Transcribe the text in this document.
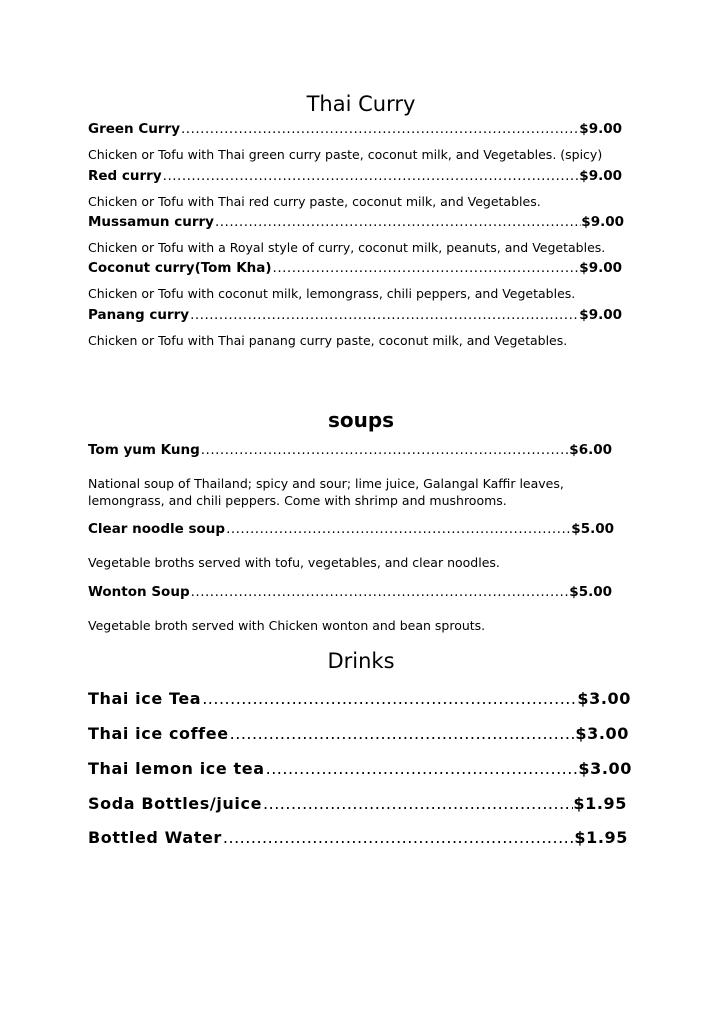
Thai Curry
Green Curry .....	$9.00

Chicken or Tofu with Thai green curry paste, coconut milk, and Vegetables. (spicy)

Red curry .....	$9.00

Chicken or Tofu with Thai red curry paste, coconut milk, and Vegetables.

Mussamun curry .....	$9.00

Chicken or Tofu with a Royal style of curry, coconut milk, peanuts, and Vegetables.

Coconut curry(Tom Kha) .....	$9.00

Chicken or Tofu with coconut milk, lemongrass, chili peppers, and Vegetables.

Panang curry .....	$9.00

Chicken or Tofu with Thai panang curry paste, coconut milk, and Vegetables.

soups
Tom yum Kung .....	$6.00

National soup of Thailand; spicy and sour; lime juice, Galangal Kaffir leaves, lemongrass, and chili peppers. Come with shrimp and mushrooms.

Clear noodle soup .....	$5.00

Vegetable broths served with tofu, vegetables, and clear noodles.

Wonton Soup .....	$5.00

Vegetable broth served with Chicken wonton and bean sprouts.

Drinks
Thai ice Tea .....	$3.00
Thai ice coffee .....	$3.00
Thai lemon ice tea .....	$3.00
Soda Bottles/juice .....	$1.95
Bottled Water .....	$1.95
